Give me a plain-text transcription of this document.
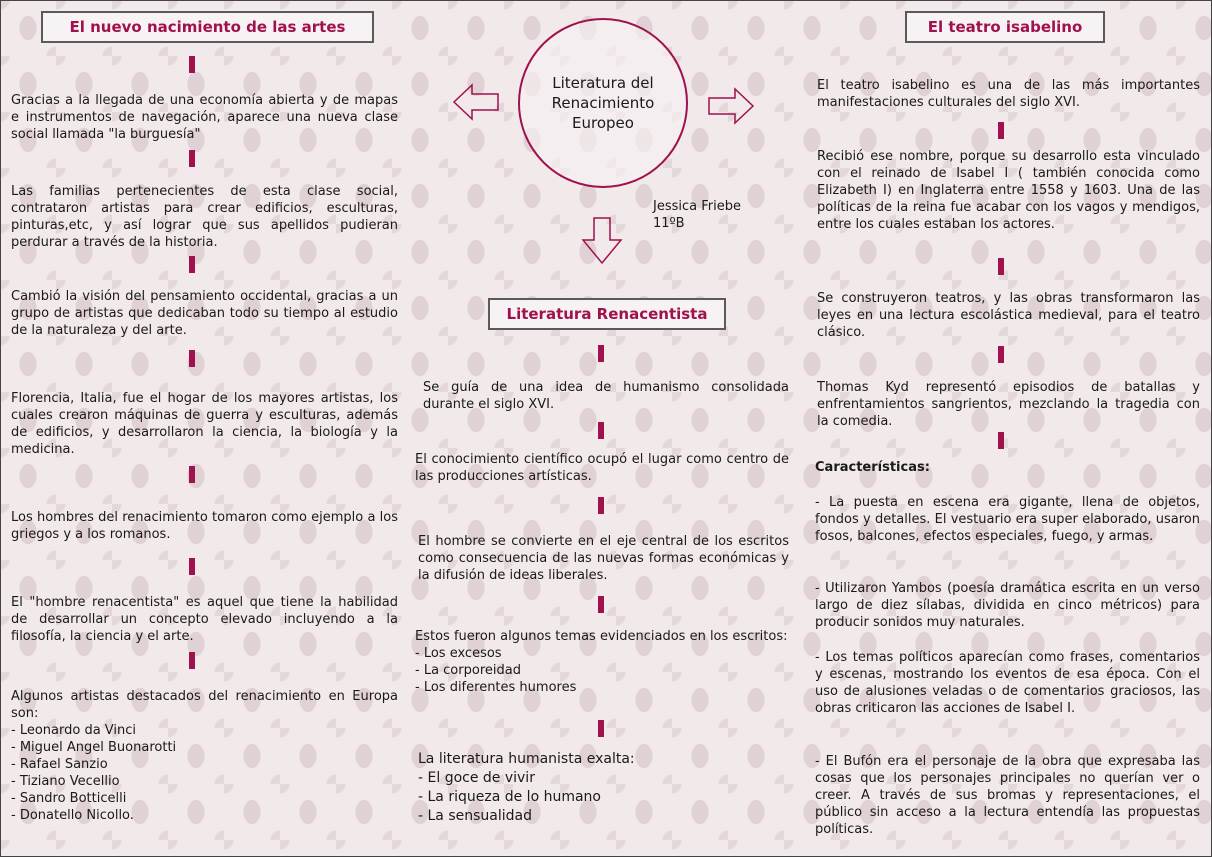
Literatura del Renacimiento Europeo
Jessica Friebe
11ºB
El nuevo nacimiento de las artes

Gracias a la llegada de una economía abierta y de mapas e instrumentos de navegación, aparece una nueva clase social llamada "la burguesía"

Las familias pertenecientes de esta clase social, contrataron artistas para crear edificios, esculturas, pinturas,etc, y así lograr que sus apellidos pudieran perdurar a través de la historia.

Cambió la visión del pensamiento occidental, gracias a un grupo de artistas que dedicaban todo su tiempo al estudio de la naturaleza y del arte.

Florencia, Italia, fue el hogar de los mayores artistas, los cuales crearon máquinas de guerra y esculturas, además de edificios, y desarrollaron la ciencia, la biología y la medicina.

Los hombres del renacimiento tomaron como ejemplo a los griegos y a los romanos.

El "hombre renacentista" es aquel que tiene la habilidad de desarrollar un concepto elevado incluyendo a la filosofía, la ciencia y el arte.

Algunos artistas destacados del renacimiento en Europa son:
- Leonardo da Vinci
- Miguel Angel Buonarotti
- Rafael Sanzio
- Tiziano Vecellio
- Sandro Botticelli
- Donatello Nicollo.
Literatura Renacentista

Se guía de una idea de humanismo consolidada durante el siglo XVI.

El conocimiento científico ocupó el lugar como centro de las producciones artísticas.

El hombre se convierte en el eje central de los escritos como consecuencia de las nuevas formas económicas y la difusión de ideas liberales.

Estos fueron algunos temas evidenciados en los escritos:
- Los excesos
- La corporeidad
- Los diferentes humores
La literatura humanista exalta:
- El goce de vivir
- La riqueza de lo humano
- La sensualidad
El teatro isabelino

El teatro isabelino es una de las más importantes manifestaciones culturales del siglo XVI.

Recibió ese nombre, porque su desarrollo esta vinculado con el reinado de Isabel I ( también conocida como Elizabeth I) en Inglaterra entre 1558 y 1603. Una de las políticas de la reina fue acabar con los vagos y mendigos, entre los cuales estaban los actores.

Se construyeron teatros, y las obras transformaron las leyes en una lectura escolástica medieval, para el teatro clásico.

Thomas Kyd representó episodios de batallas y enfrentamientos sangrientos, mezclando la tragedia con la comedia.

Características:

- La puesta en escena era gigante, llena de objetos, fondos y detalles. El vestuario era super elaborado, usaron fosos, balcones, efectos especiales, fuego, y armas.

- Utilizaron Yambos (poesía dramática escrita en un verso largo de diez sílabas, dividida en cinco métricos) para producir sonidos muy naturales.

- Los temas políticos aparecían como frases, comentarios y escenas, mostrando los eventos de esa época. Con el uso de alusiones veladas o de comentarios graciosos, las obras criticaron las acciones de Isabel I.

- El Bufón era el personaje de la obra que expresaba las cosas que los personajes principales no querían ver o creer. A través de sus bromas y representaciones, el público sin acceso a la lectura entendía las propuestas políticas.
